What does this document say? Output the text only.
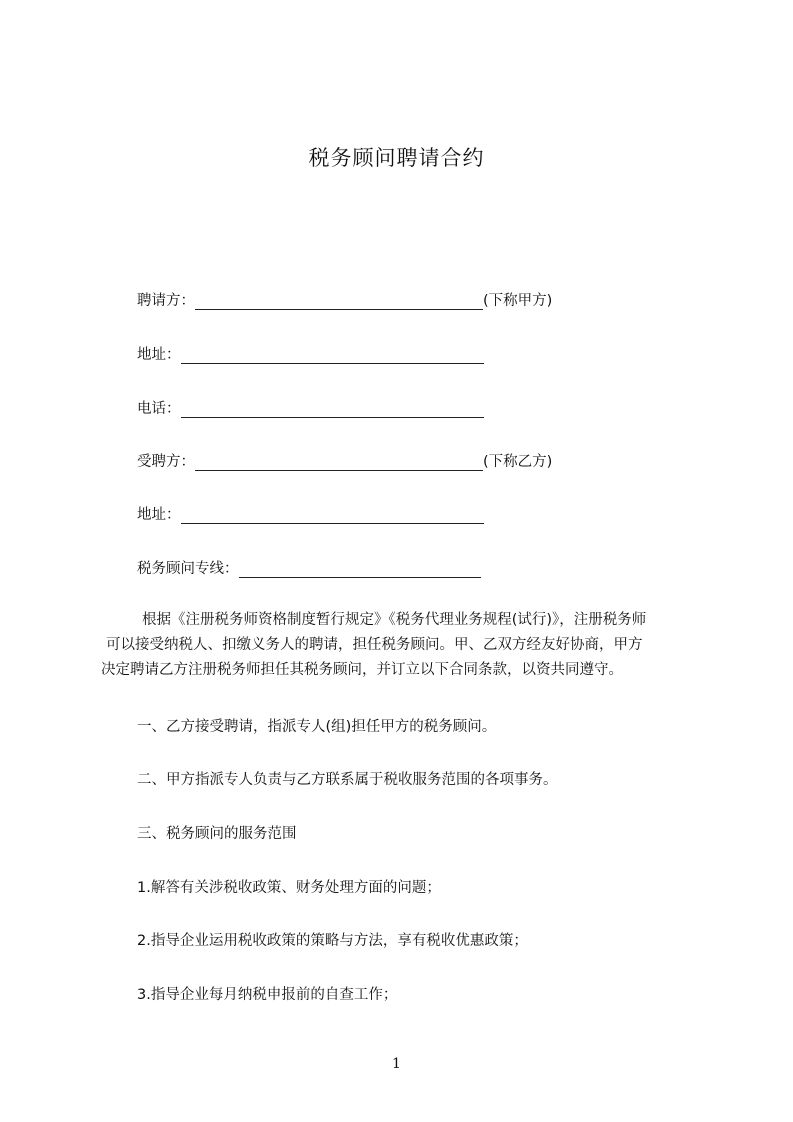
税务顾问聘请合约
聘请方：	(下称甲方)
地址：
电话：
受聘方：	(下称乙方)
地址：
税务顾问专线：
根据《注册税务师资格制度暂行规定》《税务代理业务规程(试行)》，注册税务师
可以接受纳税人、扣缴义务人的聘请，担任税务顾问。甲、乙双方经友好协商，甲方
决定聘请乙方注册税务师担任其税务顾问，并订立以下合同条款，以资共同遵守。
一、乙方接受聘请，指派专人(组)担任甲方的税务顾问。
二、甲方指派专人负责与乙方联系属于税收服务范围的各项事务。
三、税务顾问的服务范围
1.解答有关涉税收政策、财务处理方面的问题；
2.指导企业运用税收政策的策略与方法，享有税收优惠政策；
3.指导企业每月纳税申报前的自查工作；
1
